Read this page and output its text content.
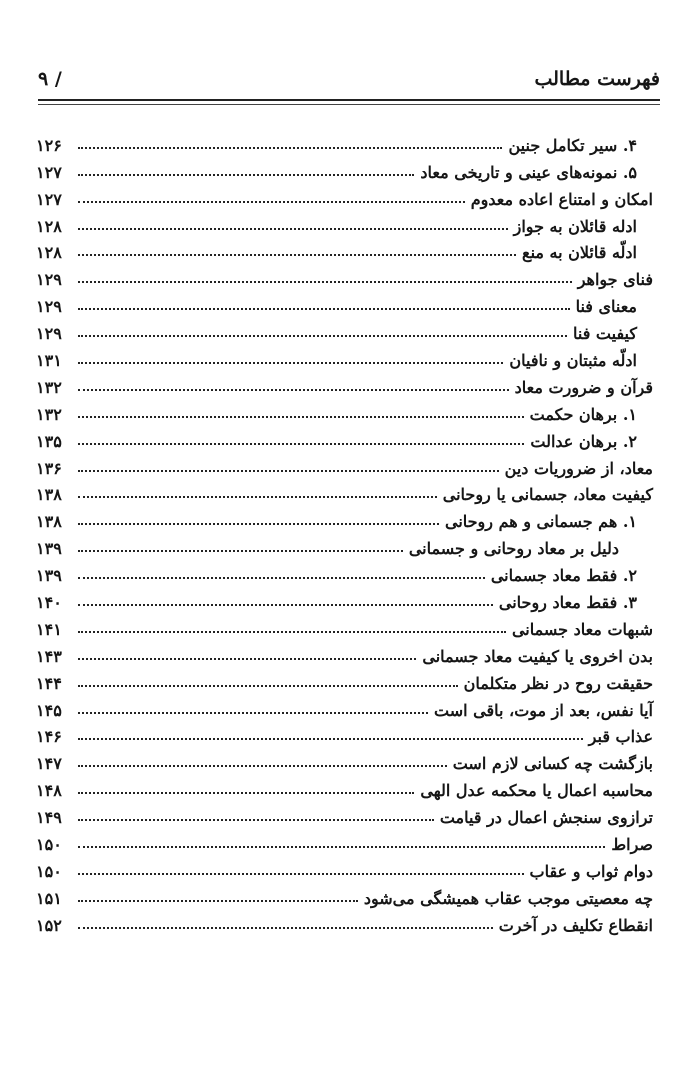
فهرست مطالب
/ ۹
۴. سیر تکامل جنین
۱۲۶
۵. نمونه‌های عینی و تاریخی معاد
۱۲۷
امکان و امتناع اعاده معدوم
۱۲۷
ادله قائلان به جواز
۱۲۸
ادلّه قائلان به منع
۱۲۸
فنای جواهر
۱۲۹
معنای فنا
۱۲۹
کیفیت فنا
۱۲۹
ادلّه مثبتان و نافیان
۱۳۱
قرآن و ضرورت معاد
۱۳۲
۱. برهان حکمت
۱۳۲
۲. برهان عدالت
۱۳۵
معاد، از ضروریات دین
۱۳۶
کیفیت معاد، جسمانی یا روحانی
۱۳۸
۱. هم جسمانی و هم روحانی
۱۳۸
دلیل بر معاد روحانی و جسمانی
۱۳۹
۲. فقط معاد جسمانی
۱۳۹
۳. فقط معاد روحانی
۱۴۰
شبهات معاد جسمانی
۱۴۱
بدن اخروی یا کیفیت معاد جسمانی
۱۴۳
حقیقت روح در نظر متکلمان
۱۴۴
آیا نفس، بعد از موت، باقی است
۱۴۵
عذاب قبر
۱۴۶
بازگشت چه کسانی لازم است
۱۴۷
محاسبه اعمال یا محکمه عدل الهی
۱۴۸
ترازوی سنجش اعمال در قیامت
۱۴۹
صراط
۱۵۰
دوام ثواب و عقاب
۱۵۰
چه معصیتی موجب عقاب همیشگی می‌شود
۱۵۱
انقطاع تکلیف در آخرت
۱۵۲
